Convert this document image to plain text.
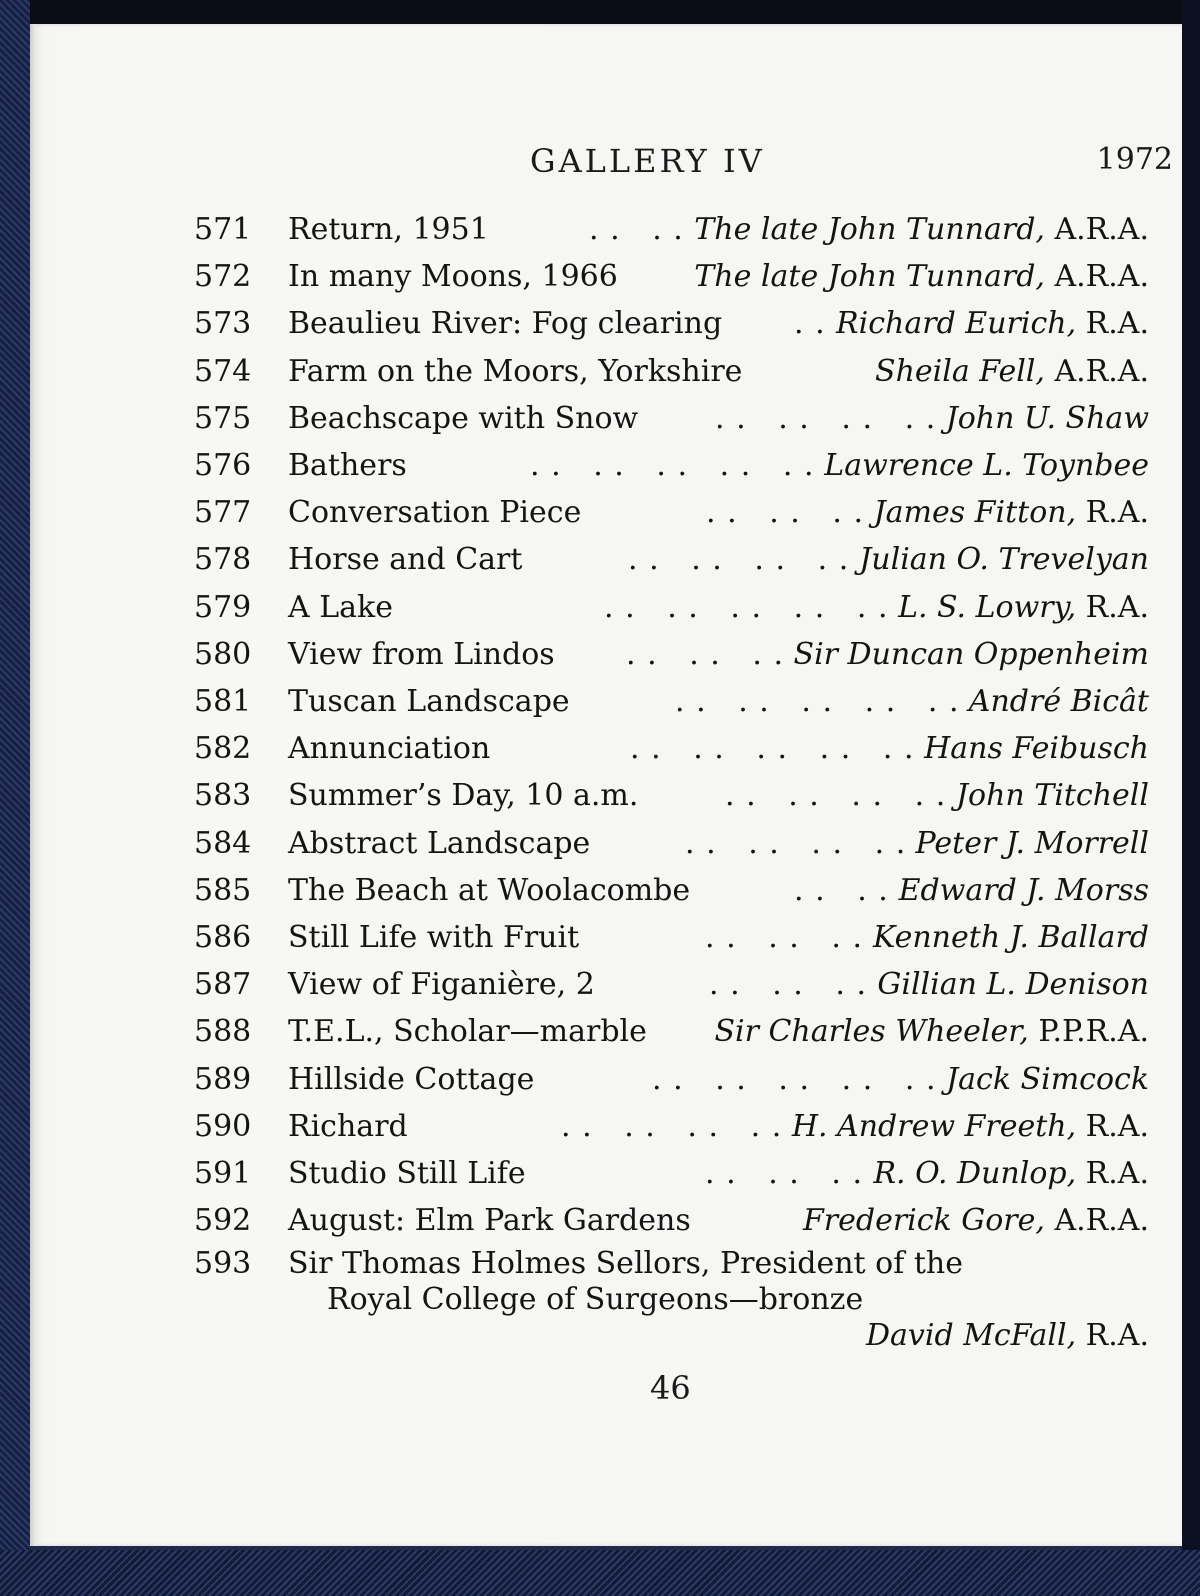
GALLERY IV	1972
571 Return, 1951	. .   . . The late John Tunnard, A.R.A.
572 In many Moons, 1966	The late John Tunnard, A.R.A.
573 Beaulieu River: Fog clearing . . Richard Eurich, R.A.
574 Farm on the Moors, Yorkshire	Sheila Fell, A.R.A.
575 Beachscape with Snow	. .   . .   . .   . . John U. Shaw
576 Bathers	. .   . .   . .   . .   . . Lawrence L. Toynbee
577 Conversation Piece	. .   . .   . . James Fitton, R.A.
578 Horse and Cart	. .   . .   . .   . . Julian O. Trevelyan
579 A Lake	. .   . .   . .   . .   . . L. S. Lowry, R.A.
580 View from Lindos . .   . .   . . Sir Duncan Oppenheim
581 Tuscan Landscape	. .   . .   . .   . .   . . André Bicât
582 Annunciation	. .   . .   . .   . .   . . Hans Feibusch
583 Summer’s Day, 10 a.m.	. .   . .   . .   . . John Titchell
584 Abstract Landscape	. .   . .   . .   . . Peter J. Morrell
585 The Beach at Woolacombe	. .   . . Edward J. Morss
586 Still Life with Fruit	. .   . .   . . Kenneth J. Ballard
587 View of Figanière, 2	. .   . .   . . Gillian L. Denison
588 T.E.L., Scholar—marble Sir Charles Wheeler, P.P.R.A.
589 Hillside Cottage	. .   . .   . .   . .   . . Jack Simcock
590 Richard	. .   . .   . .   . . H. Andrew Freeth, R.A.
591 Studio Still Life	. .   . .   . . R. O. Dunlop, R.A.
592 August: Elm Park Gardens	Frederick Gore, A.R.A.
593 Sir Thomas Holmes Sellors, President of the
Royal College of Surgeons—bronze
David McFall, R.A.
46
